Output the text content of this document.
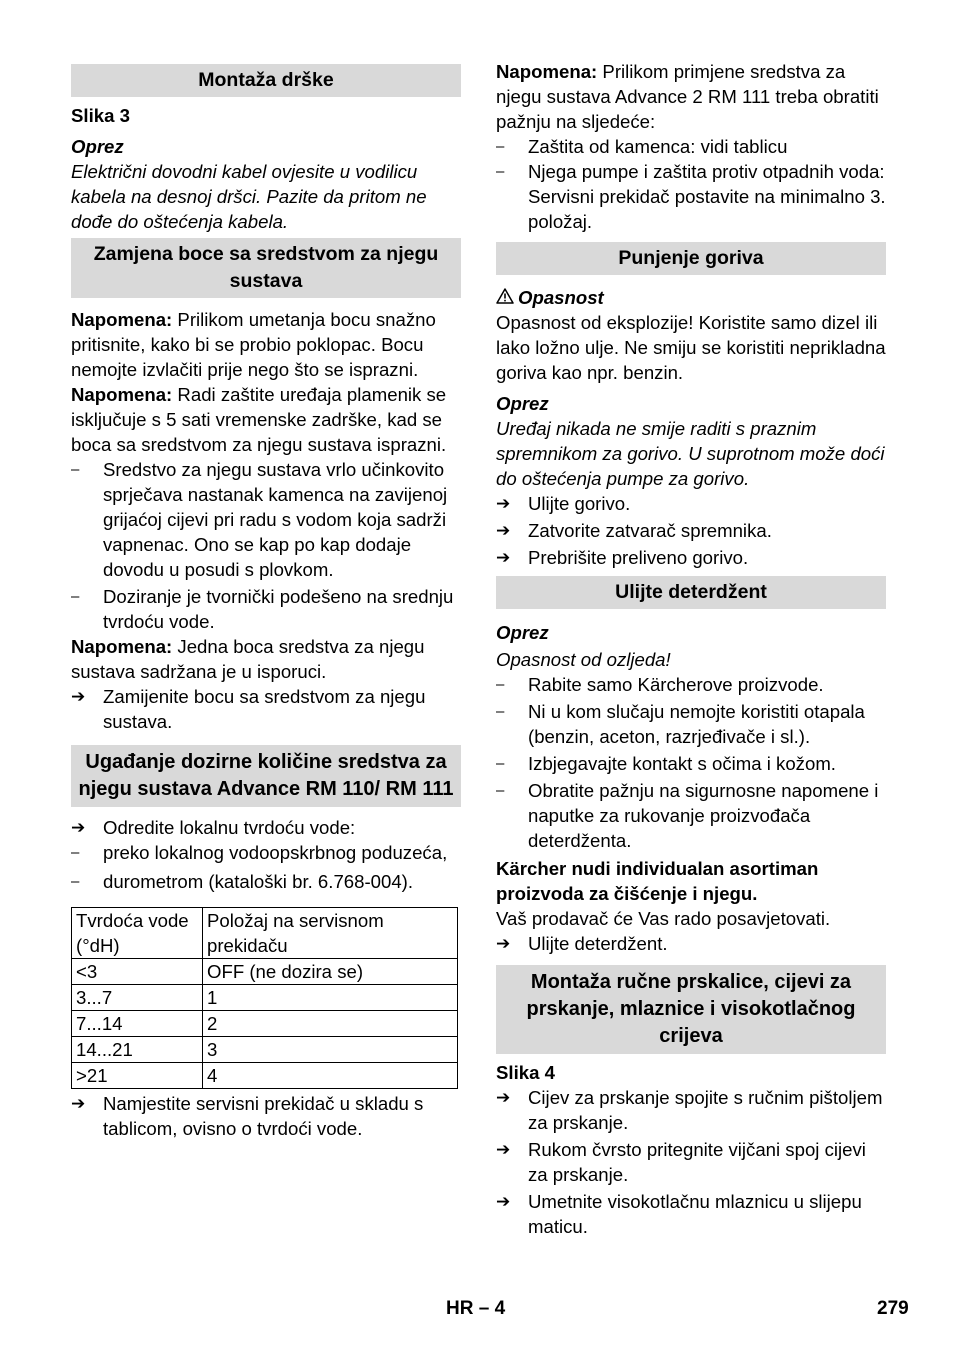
Montaža drške

Slika 3

Oprez

Električni dovodni kabel ovjesite u vodilicu kabela na desnoj dršci. Pazite da pritom ne dođe do oštećenja kabela.

Zamjena boce sa sredstvom za njegu sustava

Napomena: Prilikom umetanja bocu snažno pritisnite, kako bi se probio poklopac. Bocu nemojte izvlačiti prije nego što se isprazni.

Napomena: Radi zaštite uređaja plamenik se isključuje s 5 sati vremenske zadrške, kad se boca sa sredstvom za njegu sustava isprazni.

– Sredstvo za njegu sustava vrlo učinkovito sprječava nastanak kamenca na zavijenoj grijaćoj cijevi pri radu s vodom koja sadrži vapnenac. Ono se kap po kap dodaje dovodu u posudi s plovkom.
– Doziranje je tvornički podešeno na srednju tvrdoću vode.

Napomena: Jedna boca sredstva za njegu sustava sadržana je u isporuci.

➔ Zamijenite bocu sa sredstvom za njegu sustava.
Ugađanje dozirne količine sredstva za njegu sustava Advance RM 110/ RM 111
➔ Odredite lokalnu tvrdoću vode:
– preko lokalnog vodoopskrbnog poduzeća,
– durometrom (kataloški br. 6.768-004).
Tvrdoća vode (°dH)	Položaj na servisnom prekidaču
<3	OFF (ne dozira se)
3...7	1
7...14	2
14...21	3
>21	4
➔ Namjestite servisni prekidač u skladu s tablicom, ovisno o tvrdoći vode.

Napomena: Prilikom primjene sredstva za njegu sustava Advance 2 RM 111 treba obratiti pažnju na sljedeće:

– Zaštita od kamenca: vidi tablicu
– Njega pumpe i zaštita protiv otpadnih voda: Servisni prekidač postavite na minimalno 3. položaj.
Punjenje goriva

Opasnost

Opasnost od eksplozije! Koristite samo dizel ili lako ložno ulje. Ne smiju se koristiti neprikladna goriva kao npr. benzin.

Oprez

Uređaj nikada ne smije raditi s praznim spremnikom za gorivo. U suprotnom može doći do oštećenja pumpe za gorivo.

➔ Ulijte gorivo.
➔ Zatvorite zatvarač spremnika.
➔ Prebrišite preliveno gorivo.
Ulijte deterdžent

Oprez

Opasnost od ozljeda!

– Rabite samo Kärcherove proizvode.
– Ni u kom slučaju nemojte koristiti otapala (benzin, aceton, razrjeđivače i sl.).
– Izbjegavajte kontakt s očima i kožom.
– Obratite pažnju na sigurnosne napomene i naputke za rukovanje proizvođača deterdženta.

Kärcher nudi individualan asortiman proizvoda za čišćenje i njegu.

Vaš prodavač će Vas rado posavjetovati.

➔ Ulijte deterdžent.
Montaža ručne prskalice, cijevi za prskanje, mlaznice i visokotlačnog crijeva

Slika 4

➔ Cijev za prskanje spojite s ručnim pištoljem za prskanje.
➔ Rukom čvrsto pritegnite vijčani spoj cijevi za prskanje.
➔ Umetnite visokotlačnu mlaznicu u slijepu maticu.
HR – 4	279
